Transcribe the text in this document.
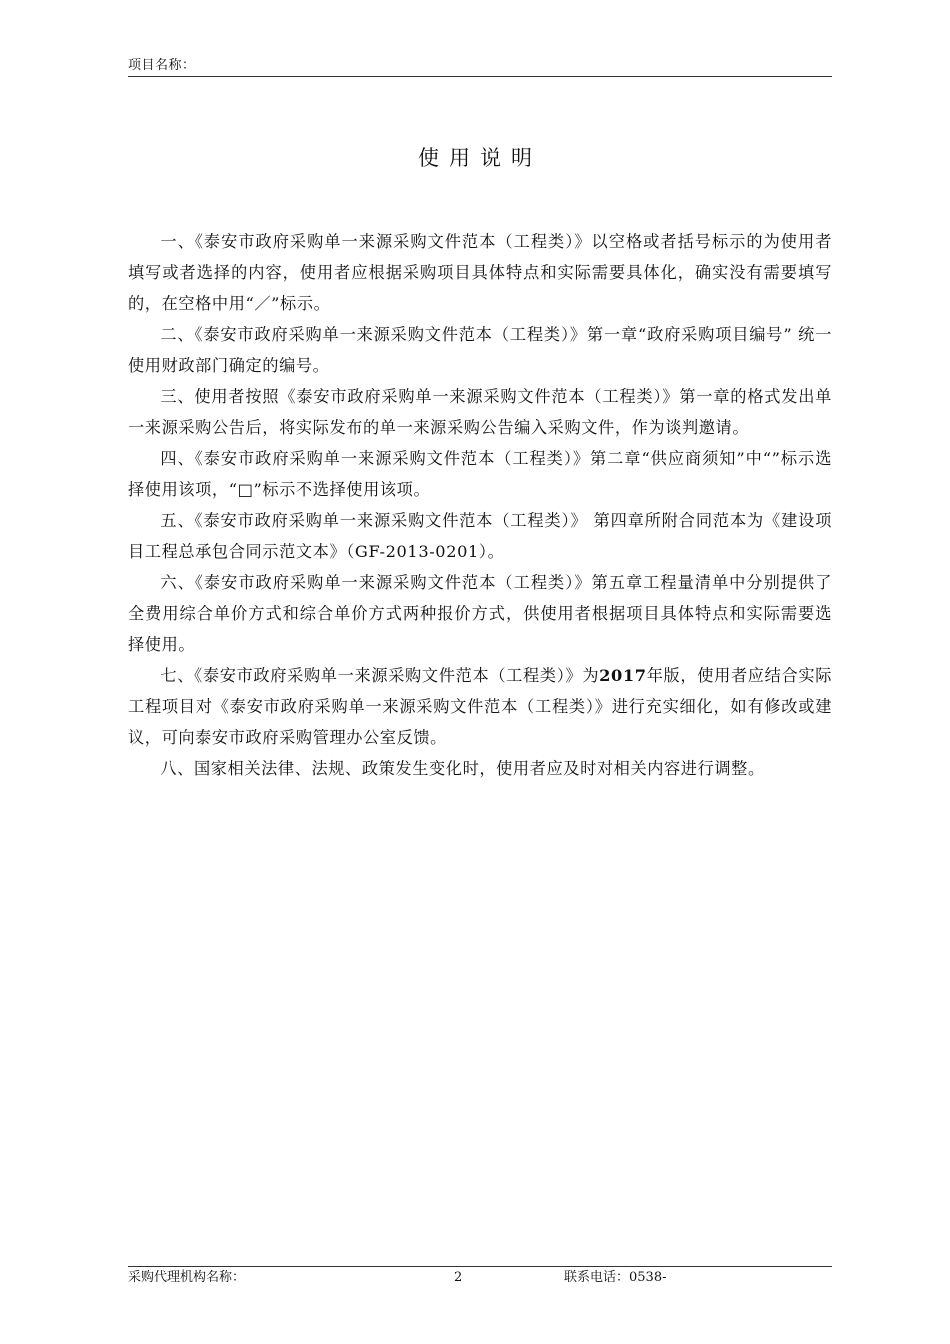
项目名称：
使用说明

一、《泰安市政府采购单一来源采购文件范本（工程类）》以空格或者括号标示的为使用者填写或者选择的内容，使用者应根据采购项目具体特点和实际需要具体化，确实没有需要填写的，在空格中用“／”标示。

二、《泰安市政府采购单一来源采购文件范本（工程类）》第一章“政府采购项目编号” 统一使用财政部门确定的编号。

三、使用者按照《泰安市政府采购单一来源采购文件范本（工程类）》第一章的格式发出单一来源采购公告后，将实际发布的单一来源采购公告编入采购文件，作为谈判邀请。

四、《泰安市政府采购单一来源采购文件范本（工程类）》第二章“供应商须知”中“”标示选择使用该项，“□”标示不选择使用该项。

五、《泰安市政府采购单一来源采购文件范本（工程类）》 第四章所附合同范本为《建设项目工程总承包合同示范文本》（GF-2013-0201）。

六、《泰安市政府采购单一来源采购文件范本（工程类）》第五章工程量清单中分别提供了全费用综合单价方式和综合单价方式两种报价方式，供使用者根据项目具体特点和实际需要选择使用。

七、《泰安市政府采购单一来源采购文件范本（工程类）》为2017年版，使用者应结合实际工程项目对《泰安市政府采购单一来源采购文件范本（工程类）》进行充实细化，如有修改或建议，可向泰安市政府采购管理办公室反馈。

八、国家相关法律、法规、政策发生变化时，使用者应及时对相关内容进行调整。

采购代理机构名称：	2	联系电话：0538-
